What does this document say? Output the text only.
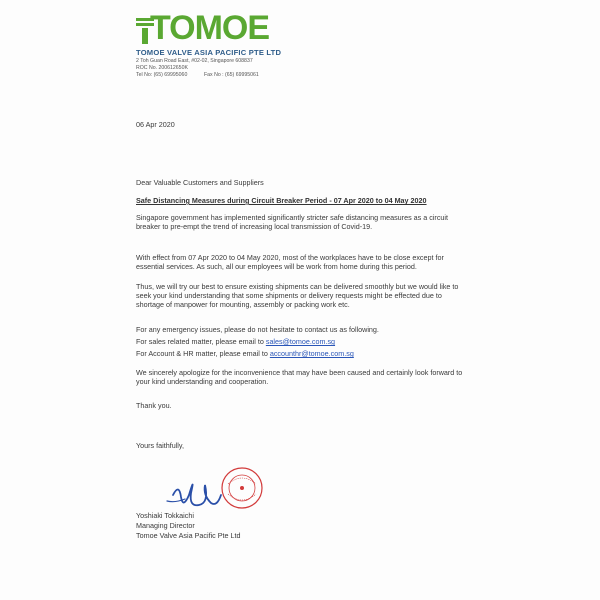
TOMOE
TOMOE VALVE ASIA PACIFIC PTE LTD
2 Toh Guan Road East, #02-02, Singapore 608837
ROC No. 200612650K
Tel No: (65) 69995060	Fax No : (65) 69995061
06 Apr 2020
Dear Valuable Customers and Suppliers
Safe Distancing Measures during Circuit Breaker Period - 07 Apr 2020 to 04 May 2020
Singapore government has implemented significantly stricter safe distancing measures as a circuit breaker to pre-empt the trend of increasing local transmission of Covid-19.
With effect from 07 Apr 2020 to 04 May 2020, most of the workplaces have to be close except for essential services. As such, all our employees will be work from home during this period.
Thus, we will try our best to ensure existing shipments can be delivered smoothly but we would like to seek your kind understanding that some shipments or delivery requests might be effected due to shortage of manpower for mounting, assembly or packing work etc.
For any emergency issues, please do not hesitate to contact us as following.
For sales related matter, please email to sales@tomoe.com.sg
For Account & HR matter, please email to accounthr@tomoe.com.sg
We sincerely apologize for the inconvenience that may have been caused and certainly look forward to your kind understanding and cooperation.
Thank you.
Yours faithfully,
Yoshiaki Tokkaichi
Managing Director
Tomoe Valve Asia Pacific Pte Ltd
